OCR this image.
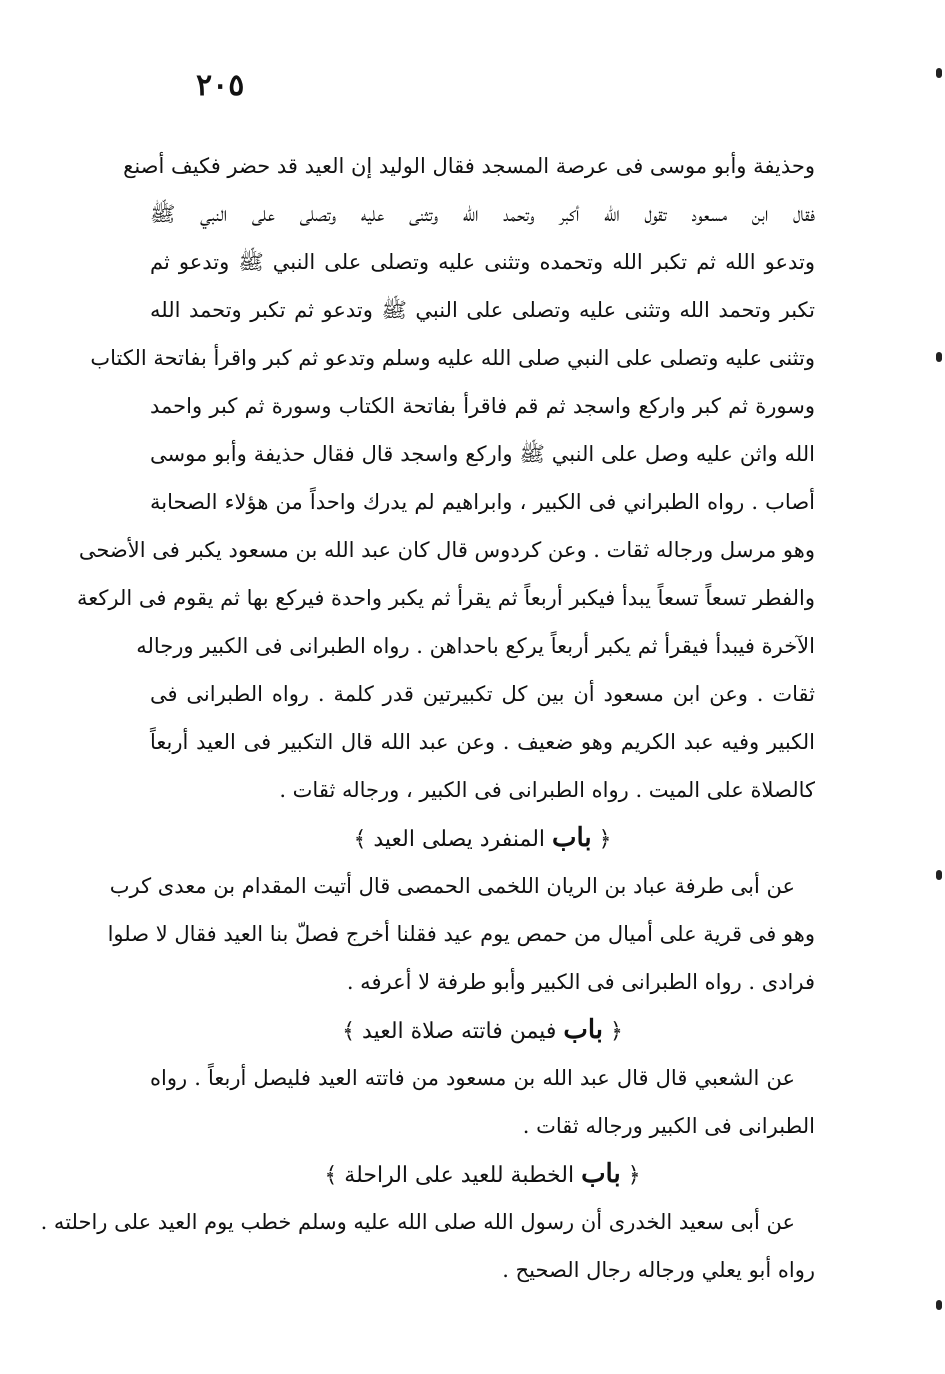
٢٠٥
وحذيفة وأبو موسى فى عرصة المسجد فقال الوليد إن العيد قد حضر فكيف أصنع
فقال ابن مسعود تقول الله أكبر وتحمد الله وتثنى عليه وتصلى على النبي ﷺ
وتدعو الله ثم تكبر الله وتحمده وتثنى عليه وتصلى على النبي ﷺ وتدعو ثم
تكبر وتحمد الله وتثنى عليه وتصلى على النبي ﷺ وتدعو ثم تكبر وتحمد الله
وتثنى عليه وتصلى على النبي صلى الله عليه وسلم وتدعو ثم كبر واقرأ بفاتحة الكتاب
وسورة ثم كبر واركع واسجد ثم قم فاقرأ بفاتحة الكتاب وسورة ثم كبر واحمد
الله واثن عليه وصل على النبي ﷺ واركع واسجد قال فقال حذيفة وأبو موسى
أصاب . رواه الطبراني فى الكبير ، وابراهيم لم يدرك واحداً من هؤلاء الصحابة
وهو مرسل ورجاله ثقات . وعن كردوس قال كان عبد الله بن مسعود يكبر فى الأضحى
والفطر تسعاً تسعاً يبدأ فيكبر أربعاً ثم يقرأ ثم يكبر واحدة فيركع بها ثم يقوم فى الركعة
الآخرة فيبدأ فيقرأ ثم يكبر أربعاً يركع باحداهن . رواه الطبرانى فى الكبير ورجاله
ثقات . وعن ابن مسعود أن بين كل تكبيرتين قدر كلمة . رواه الطبرانى فى
الكبير وفيه عبد الكريم وهو ضعيف . وعن عبد الله قال التكبير فى العيد أربعاً
كالصلاة على الميت . رواه الطبرانى فى الكبير ، ورجاله ثقات .
﴿ باب المنفرد يصلى العيد ﴾
عن أبى طرفة عباد بن الريان اللخمى الحمصى قال أتيت المقدام بن معدى كرب
وهو فى قرية على أميال من حمص يوم عيد فقلنا أخرج فصلّ بنا العيد فقال لا صلوا
فرادى . رواه الطبرانى فى الكبير وأبو طرفة لا أعرفه .
﴿ باب فيمن فاتته صلاة العيد ﴾
عن الشعبي قال قال عبد الله بن مسعود من فاتته العيد فليصل أربعاً . رواه
الطبرانى فى الكبير ورجاله ثقات .
﴿ باب الخطبة للعيد على الراحلة ﴾
عن أبى سعيد الخدرى أن رسول الله صلى الله عليه وسلم خطب يوم العيد على راحلته .
رواه أبو يعلي ورجاله رجال الصحيح .
